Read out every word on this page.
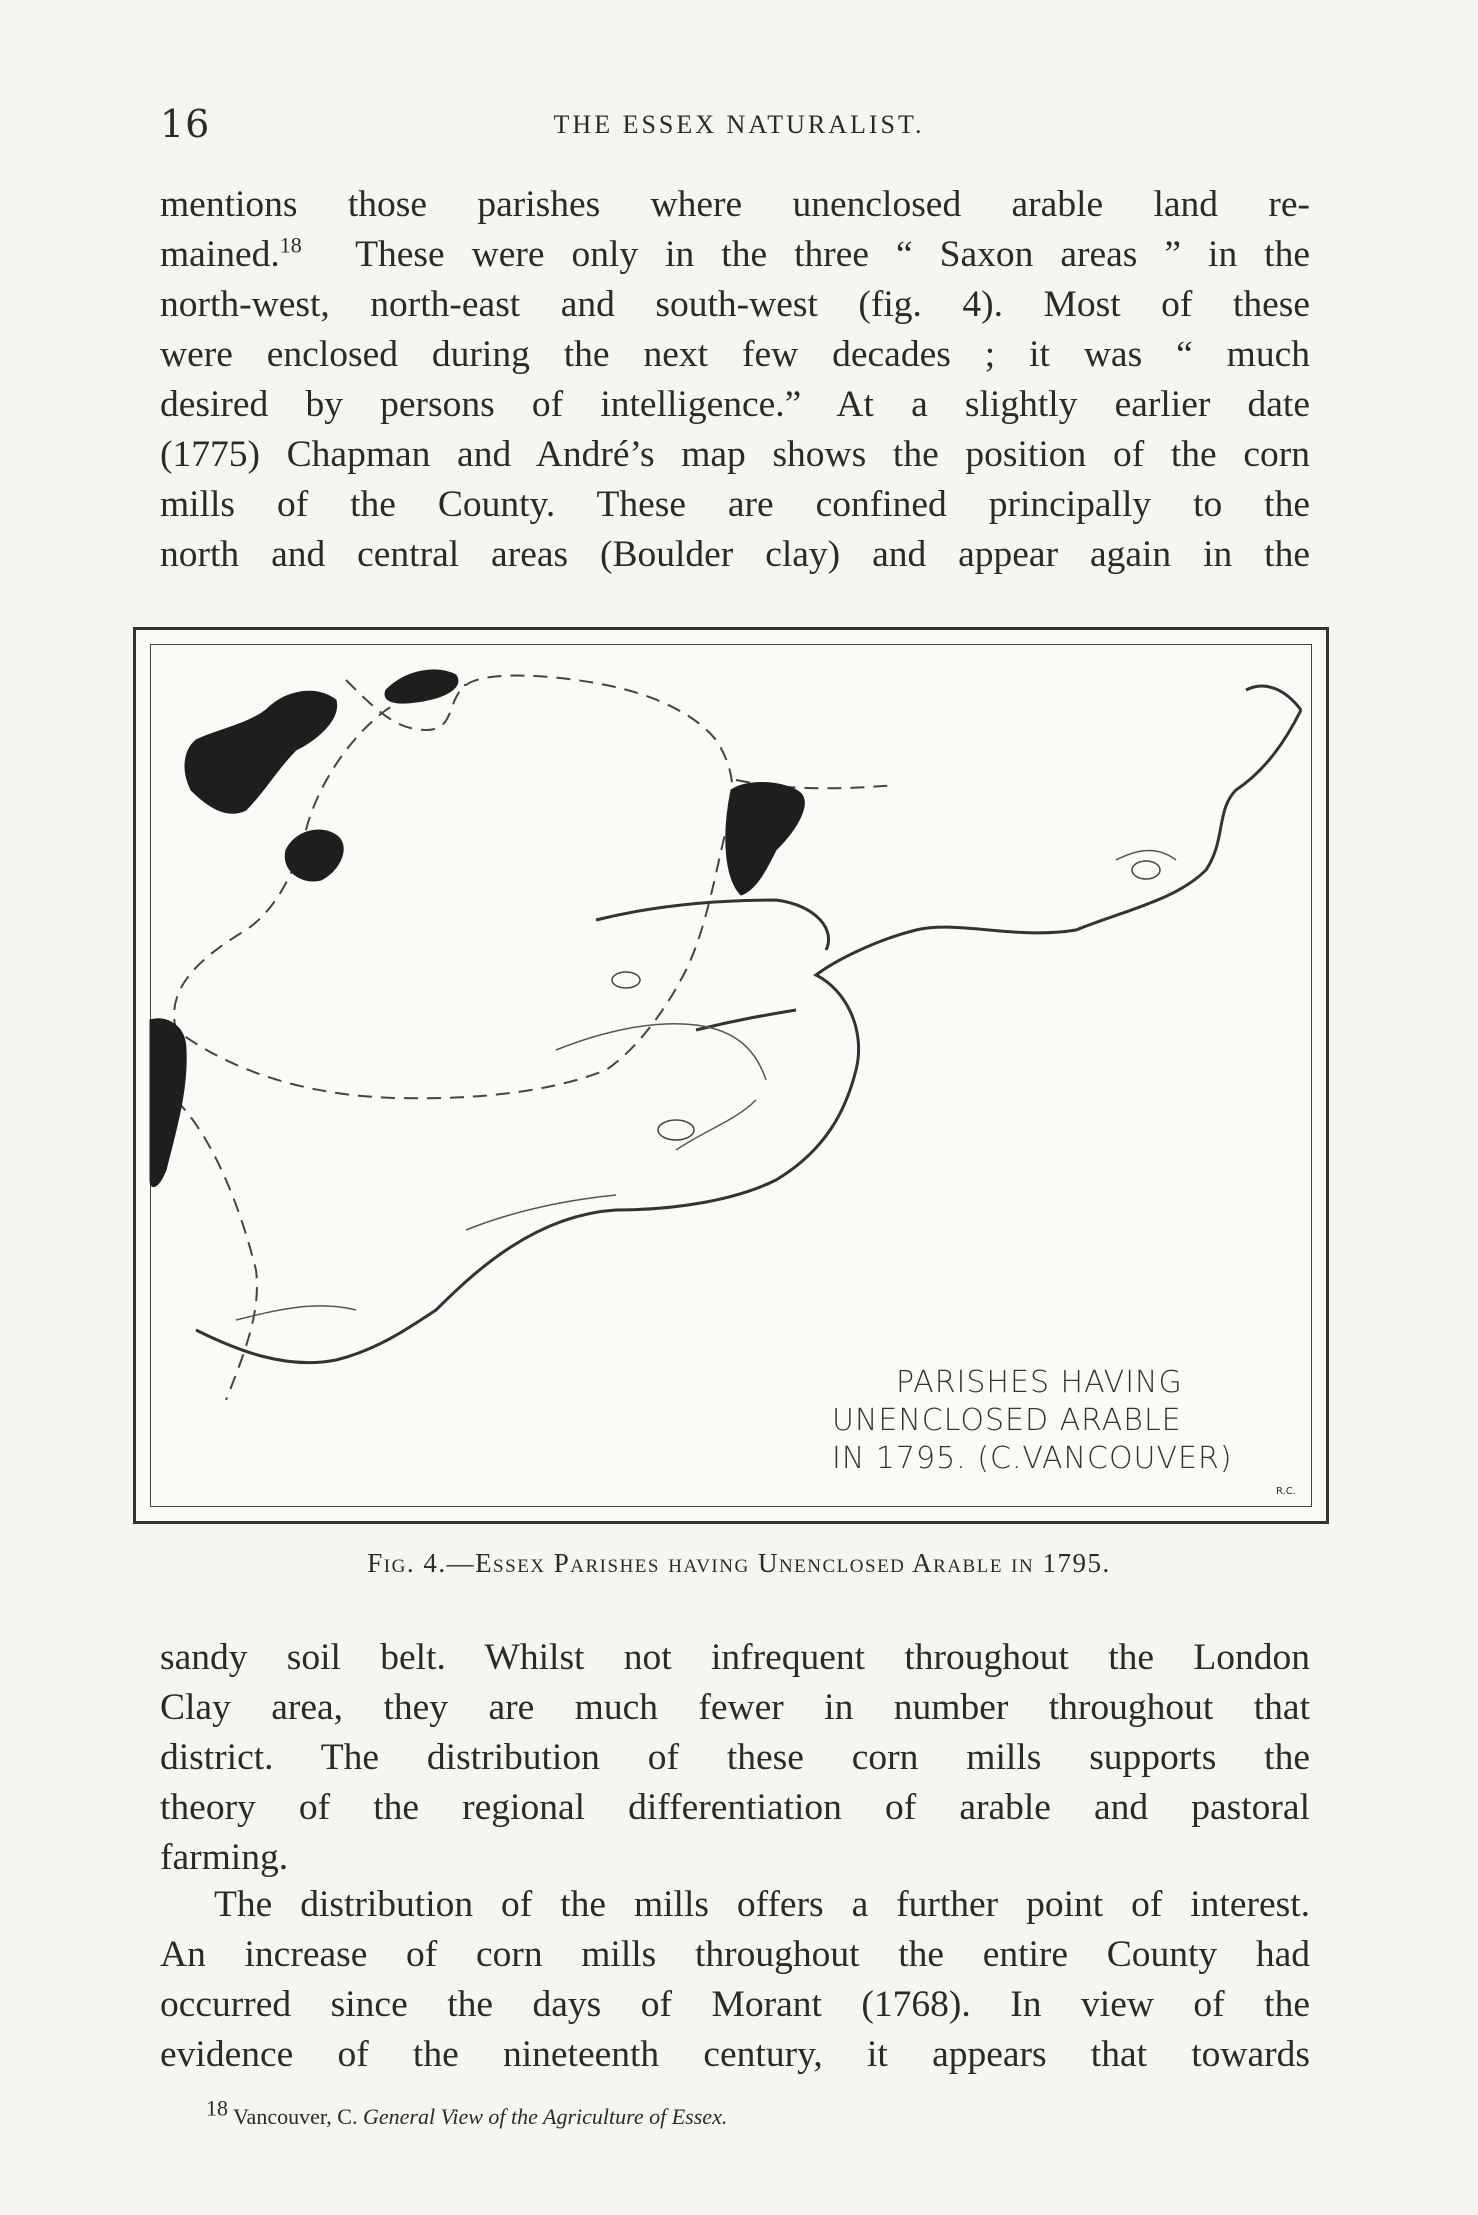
16	THE ESSEX NATURALIST.
mentions those parishes where unenclosed arable land re-
mained.$^{18}$ These were only in the three “ Saxon areas ” in the
north-west, north-east and south-west (fig. 4). Most of these
were enclosed during the next few decades ; it was “ much
desired by persons of intelligence.” At a slightly earlier date
(1775) Chapman and André’s map shows the position of the corn
mills of the County. These are confined principally to the
north and central areas (Boulder clay) and appear again in the
PARISHES HAVING
UNENCLOSED ARABLE
IN 1795. (C.VANCOUVER)
R.C.
Fig. 4.—Essex Parishes having Unenclosed Arable in 1795.
sandy soil belt. Whilst not infrequent throughout the London
Clay area, they are much fewer in number throughout that
district. The distribution of these corn mills supports the
theory of the regional differentiation of arable and pastoral
farming.
The distribution of the mills offers a further point of interest.
An increase of corn mills throughout the entire County had
occurred since the days of Morant (1768). In view of the
evidence of the nineteenth century, it appears that towards
$^{18}$ Vancouver, C. General View of the Agriculture of Essex.
